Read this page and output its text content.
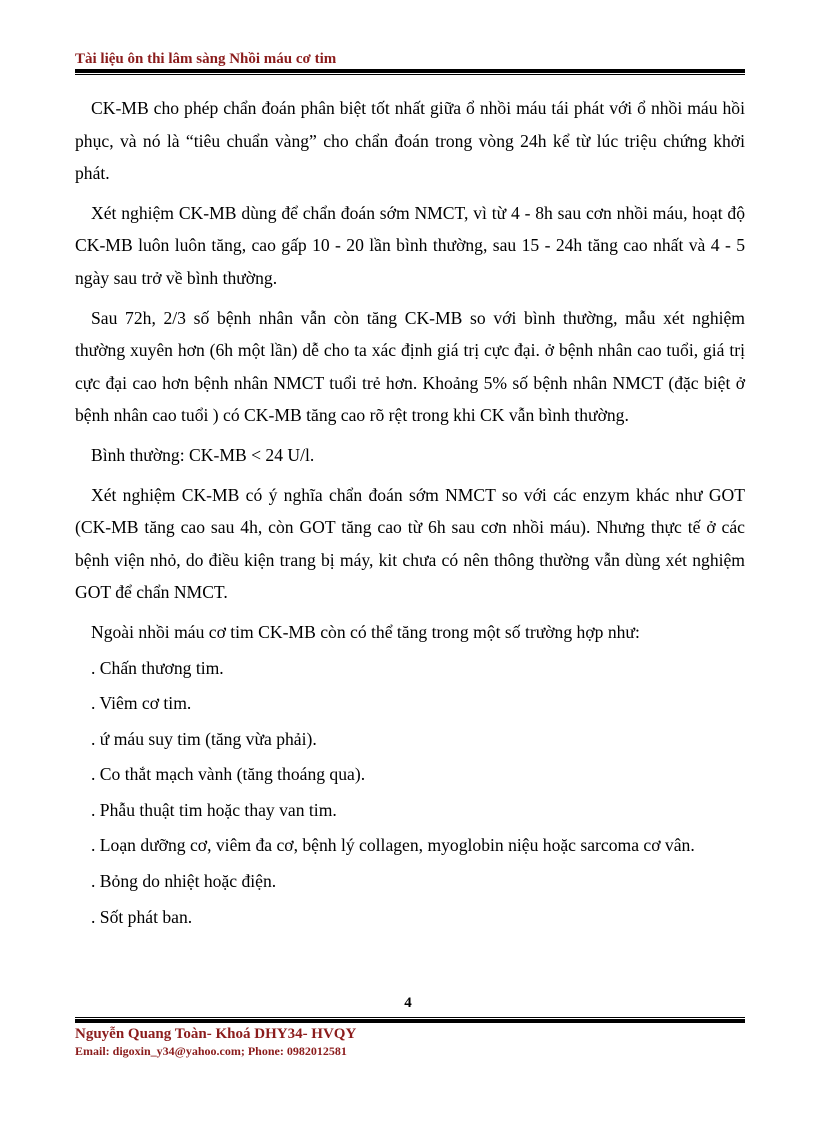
Tài liệu ôn thi lâm sàng Nhồi máu cơ tim

CK-MB cho phép chẩn đoán phân biệt tốt nhất giữa ổ nhồi máu tái phát với ổ nhồi máu hồi phục, và nó là “tiêu chuẩn vàng” cho chẩn đoán trong vòng 24h kể từ lúc triệu chứng khởi phát.

Xét nghiệm CK-MB dùng để chẩn đoán sớm NMCT, vì từ 4 - 8h sau cơn nhồi máu, hoạt độ CK-MB luôn luôn tăng, cao gấp 10 - 20 lần bình thường, sau 15 - 24h tăng cao nhất và 4 - 5 ngày sau trở về bình thường.

Sau 72h, 2/3 số bệnh nhân vẫn còn tăng CK-MB so với bình thường, mẫu xét nghiệm thường xuyên hơn (6h một lần) dễ cho ta xác định giá trị cực đại. ở bệnh nhân cao tuổi, giá trị cực đại cao hơn bệnh nhân NMCT tuổi trẻ hơn. Khoảng 5% số bệnh nhân NMCT (đặc biệt ở bệnh nhân cao tuổi ) có CK-MB tăng cao rõ rệt trong khi CK vẫn bình thường.

Bình thường: CK-MB < 24 U/l.

Xét nghiệm CK-MB có ý nghĩa chẩn đoán sớm NMCT so với các enzym khác như GOT (CK-MB tăng cao sau 4h, còn GOT tăng cao từ 6h sau cơn nhồi máu). Nhưng thực tế ở các bệnh viện nhỏ, do điều kiện trang bị máy, kit chưa có nên thông thường vẫn dùng xét nghiệm GOT để chẩn NMCT.

Ngoài nhồi máu cơ tim CK-MB còn có thể tăng trong một số trường hợp như:

. Chấn thương tim.

. Viêm cơ tim.

. ứ máu suy tim (tăng vừa phải).

. Co thắt mạch vành (tăng thoáng qua).

. Phẫu thuật tim hoặc thay van tim.

. Loạn dưỡng cơ, viêm đa cơ, bệnh lý collagen, myoglobin niệu hoặc sarcoma cơ vân.

. Bỏng do nhiệt hoặc điện.

. Sốt phát ban.

4

Nguyễn Quang Toàn- Khoá DHY34- HVQY

Email: digoxin_y34@yahoo.com; Phone: 0982012581
